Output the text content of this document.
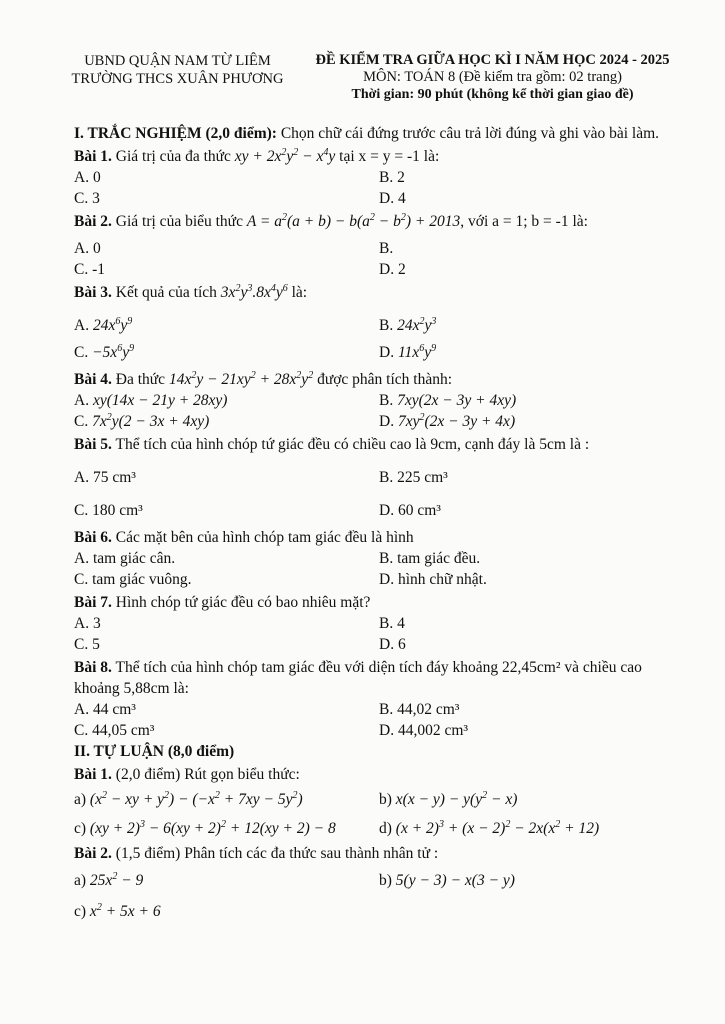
UBND QUẬN NAM TỪ LIÊM
TRƯỜNG THCS XUÂN PHƯƠNG
ĐỀ KIỂM TRA GIỮA HỌC KÌ I NĂM HỌC 2024 - 2025
MÔN: TOÁN 8 (Đề kiểm tra gồm: 02 trang)
Thời gian: 90 phút (không kể thời gian giao đề)
I. TRẮC NGHIỆM (2,0 điểm): Chọn chữ cái đứng trước câu trả lời đúng và ghi vào bài làm.
Bài 1. Giá trị của đa thức xy + $2x^2y^2 - x^4y$ tại x = y = -1 là:
A. 0	B. 2
C. 3	D. 4
Bài 2. Giá trị của biểu thức $A = a^2(a + b) - b(a^2 - b^2) + 2013$, với a = 1; b = -1 là:
A. 0	B.
C. -1	D. 2
Bài 3. Kết quả của tích $3x^2y^3.8x^4y^6$ là:
A. $24x^6y^9$	B. $24x^2y^3$
C. $-5x^6y^9$	D. $11x^6y^9$
Bài 4. Đa thức $14x^2y - 21xy^2 + 28x^2y^2$ được phân tích thành:
A. xy(14x − 21y + 28xy)	B. 7xy(2x − 3y + 4xy)
C. $7x^2y(2 - 3x + 4xy)$	D. $7xy^2(2x - 3y + 4x)$
Bài 5. Thể tích của hình chóp tứ giác đều có chiều cao là 9cm, cạnh đáy là 5cm là :
A. 75 cm³	B. 225 cm³
C. 180 cm³	D. 60 cm³
Bài 6. Các mặt bên của hình chóp tam giác đều là hình
A. tam giác cân.	B. tam giác đều.
C. tam giác vuông.	D. hình chữ nhật.
Bài 7. Hình chóp tứ giác đều có bao nhiêu mặt?
A. 3	B. 4
C. 5	D. 6
Bài 8. Thể tích của hình chóp tam giác đều với diện tích đáy khoảng 22,45cm² và chiều cao khoảng 5,88cm là:
A. 44 cm³	B. 44,02 cm³
C. 44,05 cm³	D. 44,002 cm³
II. TỰ LUẬN (8,0 điểm)
Bài 1. (2,0 điểm) Rút gọn biểu thức:
a) ($x^2$ − xy + $y^2) - (-x^2 + 7xy - 5y^2)$	b) $x(x - y) - y(y^2 - x)$
c) (xy + 2)$^3$ − 6(xy + 2)$^2$ + 12(xy + 2) − 8	d) $(x + 2)^3 + (x - 2)^2 - 2x(x^2 + 12)$
Bài 2. (1,5 điểm) Phân tích các đa thức sau thành nhân tử :
a) $25x^2 - 9$	b) 5(y − 3) − x(3 − y)
c) $x^2 + 5x + 6$
